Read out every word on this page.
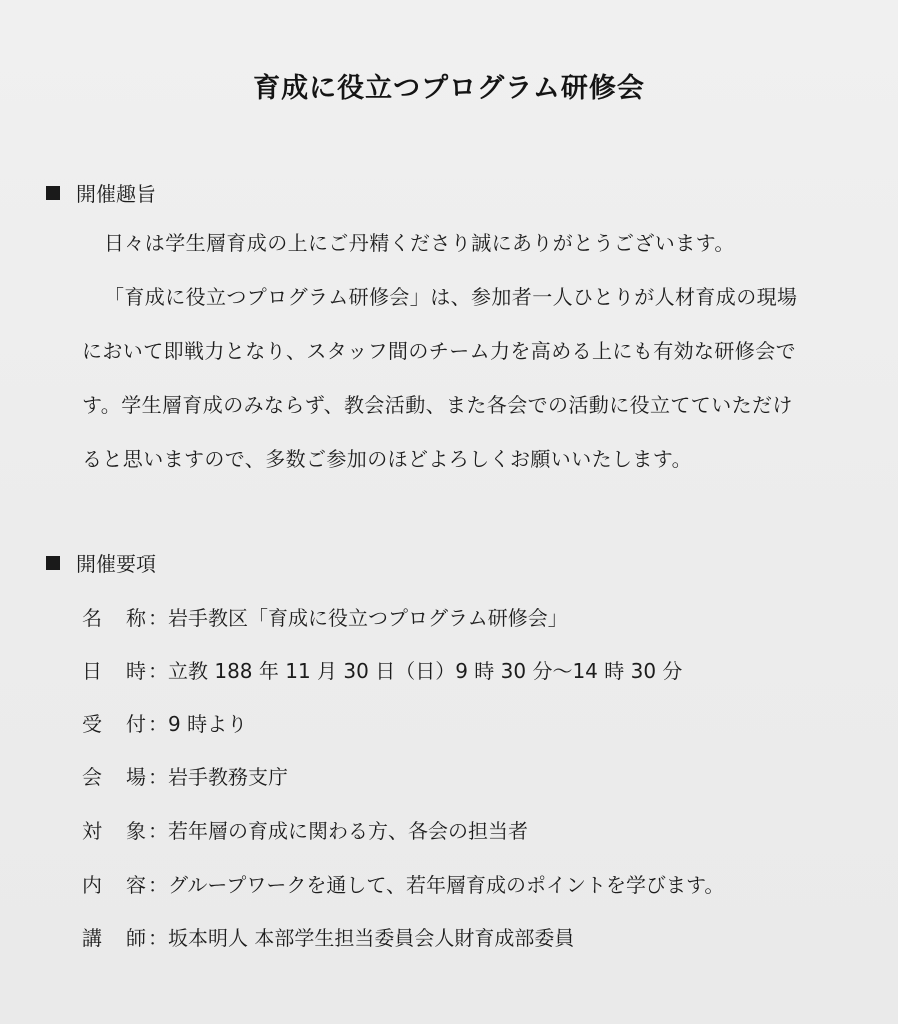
育成に役立つプログラム研修会
開催趣旨
日々は学生層育成の上にご丹精くださり誠にありがとうございます。
「育成に役立つプログラム研修会」は、参加者一人ひとりが人材育成の現場
において即戦力となり、スタッフ間のチーム力を高める上にも有効な研修会で
す。学生層育成のみならず、教会活動、また各会での活動に役立てていただけ
ると思いますので、多数ご参加のほどよろしくお願いいたします。
開催要項
名 称 ： 岩手教区「育成に役立つプログラム研修会」
日 時 ： 立教 188 年 11 月 30 日（日）9 時 30 分〜14 時 30 分
受 付 ： 9 時より
会 場 ： 岩手教務支庁
対 象 ： 若年層の育成に関わる方、各会の担当者
内 容 ： グループワークを通して、若年層育成のポイントを学びます。
講 師 ： 坂本明人 本部学生担当委員会人財育成部委員
